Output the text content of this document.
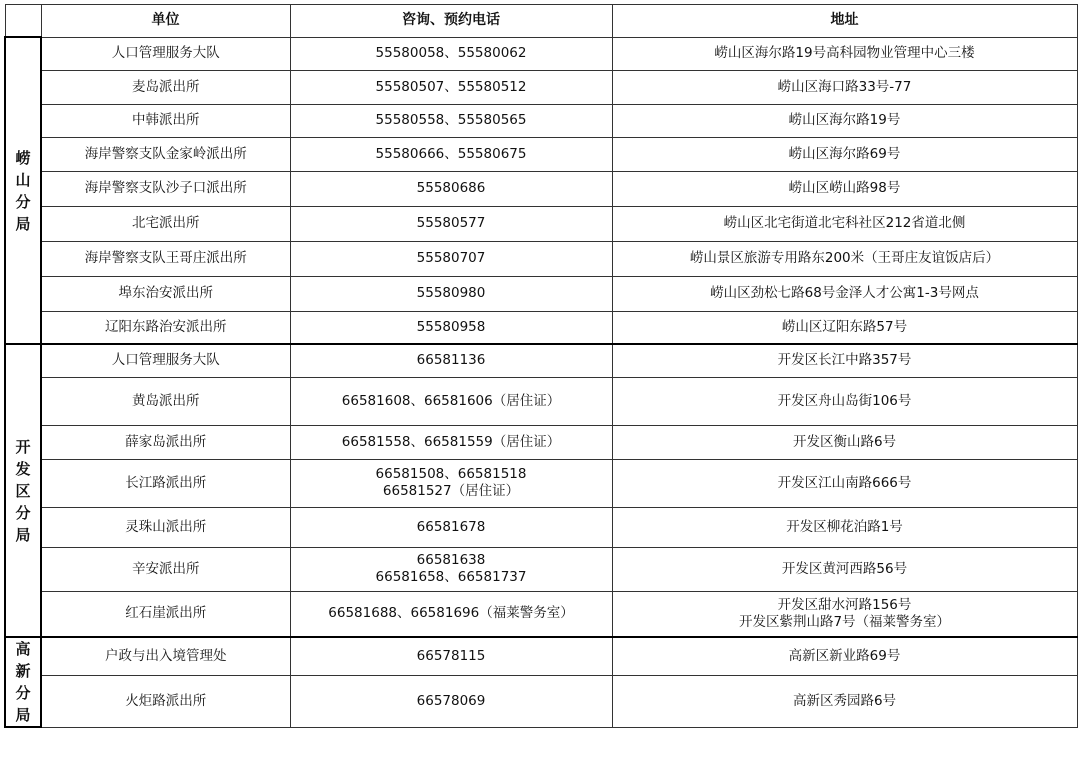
	单位	咨询、预约电话	地址

崂
山
分
局	人口管理服务大队	55580058、55580062	崂山区海尔路19号高科园物业管理中心三楼

	麦岛派出所	55580507、55580512	崂山区海口路33号-77

	中韩派出所	55580558、55580565	崂山区海尔路19号

	海岸警察支队金家岭派出所	55580666、55580675	崂山区海尔路69号

	海岸警察支队沙子口派出所	55580686	崂山区崂山路98号

	北宅派出所	55580577	崂山区北宅街道北宅科社区212省道北侧

	海岸警察支队王哥庄派出所	55580707	崂山景区旅游专用路东200米（王哥庄友谊饭店后）

	埠东治安派出所	55580980	崂山区劲松七路68号金泽人才公寓1-3号网点

	辽阳东路治安派出所	55580958	崂山区辽阳东路57号

开
发
区
分
局	人口管理服务大队	66581136	开发区长江中路357号

	黄岛派出所	66581608、66581606（居住证）	开发区舟山岛街106号

	薛家岛派出所	66581558、66581559（居住证）	开发区衡山路6号

	长江路派出所	66581508、66581518
66581527（居住证）	开发区江山南路666号

	灵珠山派出所	66581678	开发区柳花泊路1号

	辛安派出所	66581638
66581658、66581737	开发区黄河西路56号

	红石崖派出所	66581688、66581696（福莱警务室）	开发区甜水河路156号
开发区紫荆山路7号（福莱警务室）

高
新
分
局	户政与出入境管理处	66578115	高新区新业路69号

	火炬路派出所	66578069	高新区秀园路6号
